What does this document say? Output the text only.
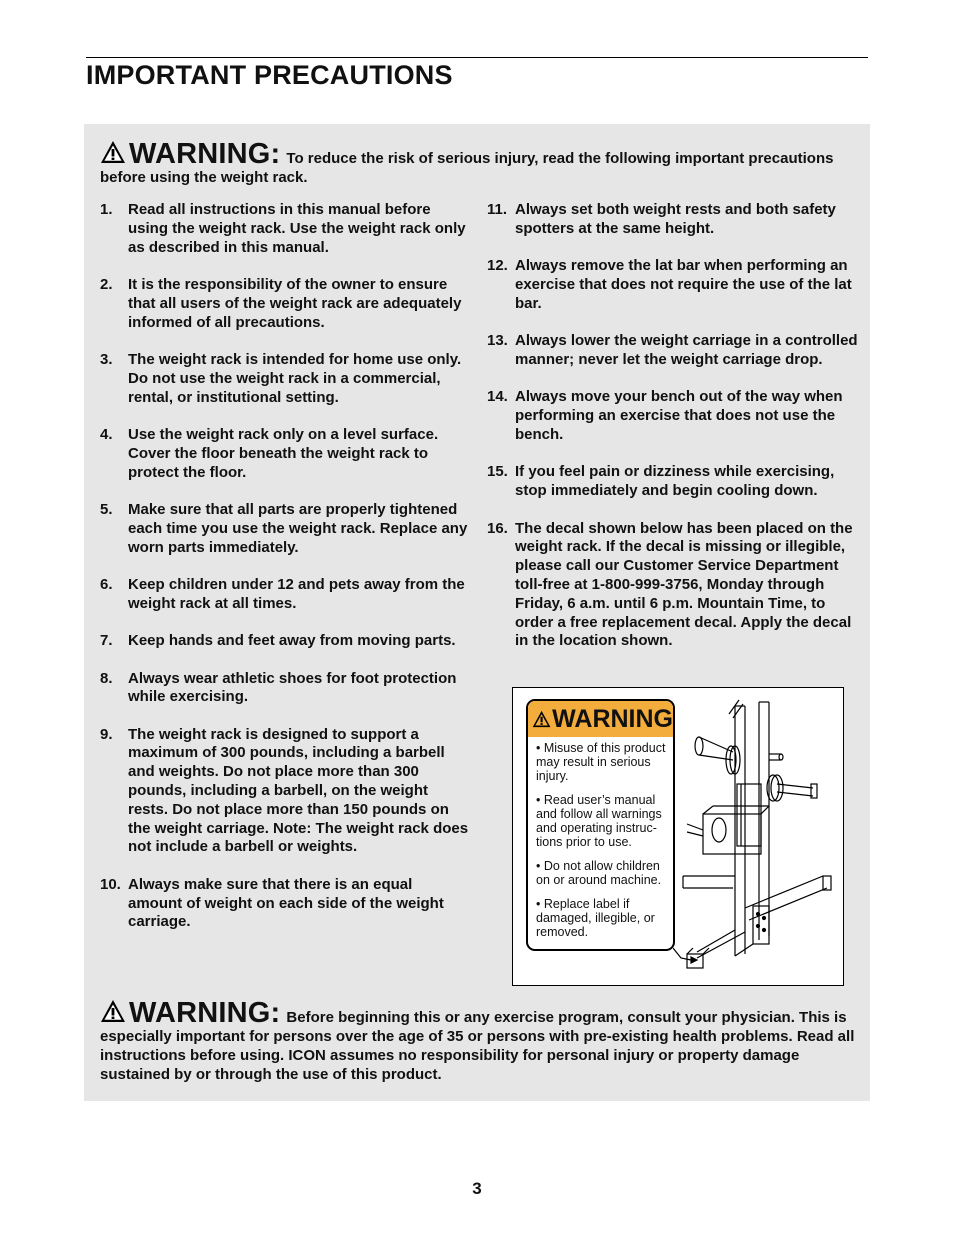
IMPORTANT PRECAUTIONS
WARNING: To reduce the risk of serious injury, read the following important precautions before using the weight rack.
1.	Read all instructions in this manual before using the weight rack. Use the weight rack only as described in this manual.
2.	It is the responsibility of the owner to ensure that all users of the weight rack are adequately informed of all precautions.
3.	The weight rack is intended for home use only. Do not use the weight rack in a commercial, rental, or institutional setting.
4.	Use the weight rack only on a level surface. Cover the floor beneath the weight rack to protect the floor.
5.	Make sure that all parts are properly tightened each time you use the weight rack. Replace any worn parts immediately.
6.	Keep children under 12 and pets away from the weight rack at all times.
7.	Keep hands and feet away from moving parts.
8.	Always wear athletic shoes for foot protection while exercising.
9.	The weight rack is designed to support a maximum of 300 pounds, including a barbell and weights. Do not place more than 300 pounds, including a barbell, on the weight rests. Do not place more than 150 pounds on the weight carriage. Note: The weight rack does not include a barbell or weights.
10. Always make sure that there is an equal amount of weight on each side of the weight carriage.
11. Always set both weight rests and both safety spotters at the same height.
12. Always remove the lat bar when performing an exercise that does not require the use of the lat bar.
13. Always lower the weight carriage in a controlled manner; never let the weight carriage drop.
14. Always move your bench out of the way when performing an exercise that does not use the bench.
15. If you feel pain or dizziness while exercising, stop immediately and begin cooling down.
16. The decal shown below has been placed on the weight rack. If the decal is missing or illegible, please call our Customer Service Department toll-free at 1-800-999-3756, Monday through Friday, 6 a.m. until 6 p.m. Mountain Time, to order a free replacement decal. Apply the decal in the location shown.
WARNING
• Misuse of this product may result in serious injury.
• Read user’s manual and follow all warnings and operating instructions prior to use.
• Do not allow children on or around machine.
• Replace label if damaged, illegible, or removed.
WARNING: Before beginning this or any exercise program, consult your physician. This is especially important for persons over the age of 35 or persons with pre-existing health problems. Read all instructions before using. ICON assumes no responsibility for personal injury or property damage sustained by or through the use of this product.
3
